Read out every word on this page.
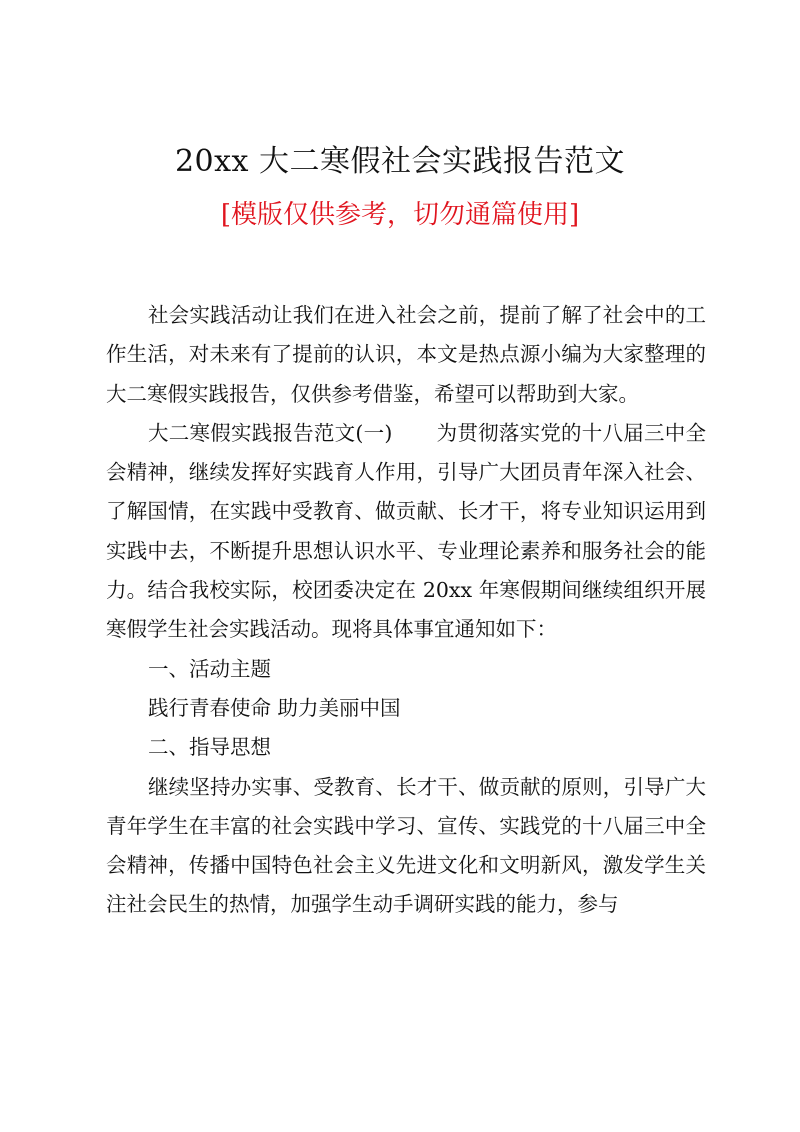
20xx 大二寒假社会实践报告范文
[模版仅供参考，切勿通篇使用]

社会实践活动让我们在进入社会之前，提前了解了社会中的工作生活，对未来有了提前的认识，本文是热点源小编为大家整理的大二寒假实践报告，仅供参考借鉴，希望可以帮助到大家。

大二寒假实践报告范文(一) 为贯彻落实党的十八届三中全会精神，继续发挥好实践育人作用，引导广大团员青年深入社会、了解国情，在实践中受教育、做贡献、长才干，将专业知识运用到实践中去，不断提升思想认识水平、专业理论素养和服务社会的能力。结合我校实际，校团委决定在 20xx 年寒假期间继续组织开展寒假学生社会实践活动。现将具体事宜通知如下：

一、活动主题

践行青春使命 助力美丽中国

二、指导思想

继续坚持办实事、受教育、长才干、做贡献的原则，引导广大青年学生在丰富的社会实践中学习、宣传、实践党的十八届三中全会精神，传播中国特色社会主义先进文化和文明新风，激发学生关注社会民生的热情，加强学生动手调研实践的能力，参与
